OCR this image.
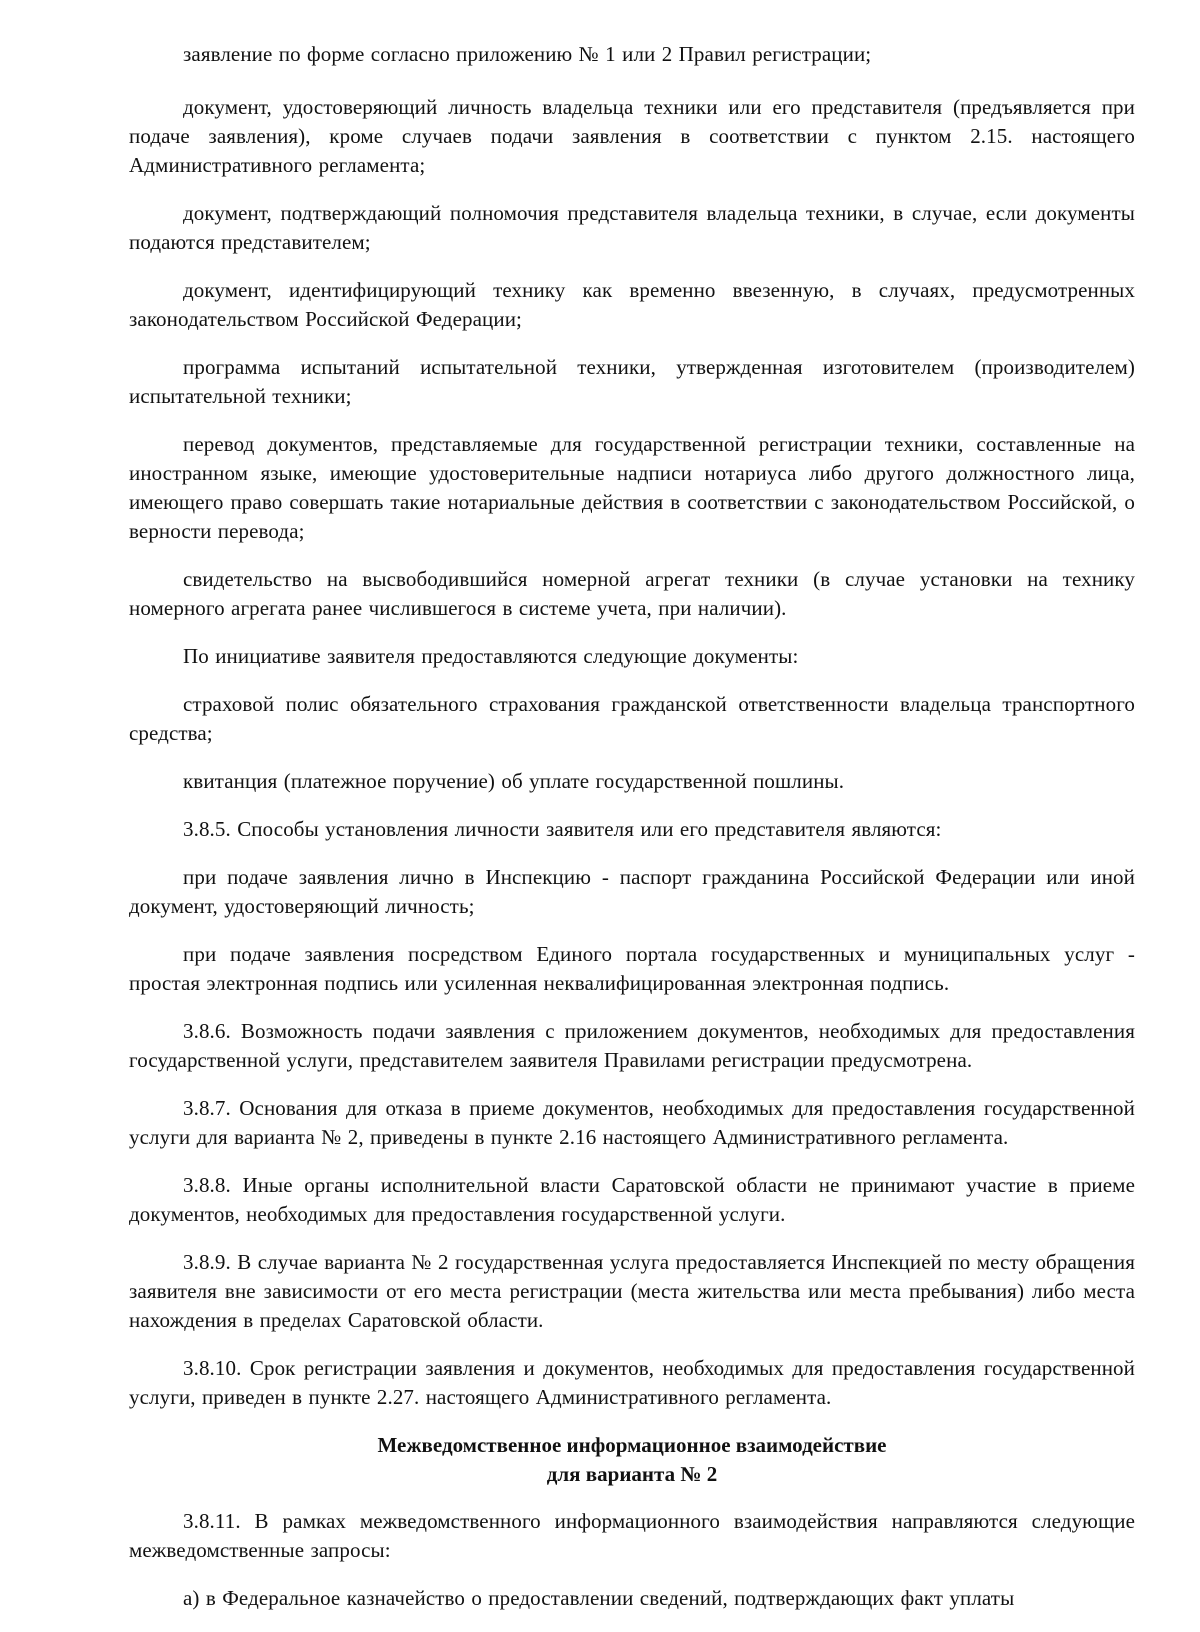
заявление по форме согласно приложению № 1 или 2 Правил регистрации;

документ, удостоверяющий личность владельца техники или его представителя (предъявляется при подаче заявления), кроме случаев подачи заявления в соответствии с пунктом 2.15. настоящего Административного регламента;

документ, подтверждающий полномочия представителя владельца техники, в случае, если документы подаются представителем;

документ, идентифицирующий технику как временно ввезенную, в случаях, предусмотренных законодательством Российской Федерации;

программа испытаний испытательной техники, утвержденная изготовителем (производителем) испытательной техники;

перевод документов, представляемые для государственной регистрации техники, составленные на иностранном языке, имеющие удостоверительные надписи нотариуса либо другого должностного лица, имеющего право совершать такие нотариальные действия в соответствии с законодательством Российской, о верности перевода;

свидетельство на высвободившийся номерной агрегат техники (в случае установки на технику номерного агрегата ранее числившегося в системе учета, при наличии).

По инициативе заявителя предоставляются следующие документы:

страховой полис обязательного страхования гражданской ответственности владельца транспортного средства;

квитанция (платежное поручение) об уплате государственной пошлины.

3.8.5. Способы установления личности заявителя или его представителя являются:

при подаче заявления лично в Инспекцию - паспорт гражданина Российской Федерации или иной документ, удостоверяющий личность;

при подаче заявления посредством Единого портала государственных и муниципальных услуг - простая электронная подпись или усиленная неквалифицированная электронная подпись.

3.8.6. Возможность подачи заявления с приложением документов, необходимых для предоставления государственной услуги, представителем заявителя Правилами регистрации предусмотрена.

3.8.7. Основания для отказа в приеме документов, необходимых для предоставления государственной услуги для варианта № 2, приведены в пункте 2.16 настоящего Административного регламента.

3.8.8. Иные органы исполнительной власти Саратовской области не принимают участие в приеме документов, необходимых для предоставления государственной услуги.

3.8.9. В случае варианта № 2 государственная услуга предоставляется Инспекцией по месту обращения заявителя вне зависимости от его места регистрации (места жительства или места пребывания) либо места нахождения в пределах Саратовской области.

3.8.10. Срок регистрации заявления и документов, необходимых для предоставления государственной услуги, приведен в пункте 2.27. настоящего Административного регламента.

Межведомственное информационное взаимодействие
для варианта № 2

3.8.11. В рамках межведомственного информационного взаимодействия направляются следующие межведомственные запросы:

а) в Федеральное казначейство о предоставлении сведений, подтверждающих факт уплаты
